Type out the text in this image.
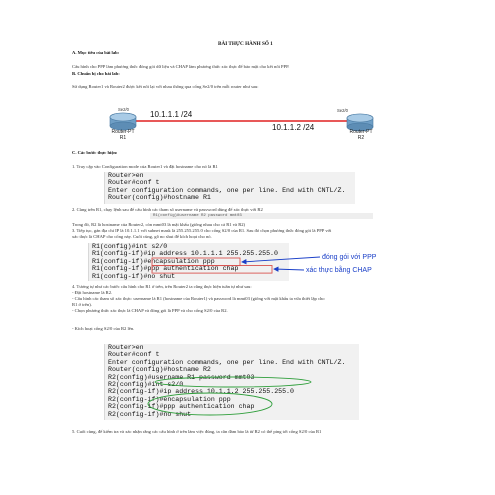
BÀI THỰC HÀNH SỐ 1
A. Mục tiêu của bài lab:
Cấu hình cho PPP làm phương thức đóng gói dữ liệu và CHAP làm phương thức xác thực để bảo mật cho kết nối PPP.
B. Chuẩn bị cho bài lab:
Sử dụng Router1 và Router2 được kết nối lại với nhau thông qua cổng Se2/0 trên mỗi router như sau:
Se2/0	Se2/0
10.1.1.1 /24
10.1.1.2 /24
Router-PT
R1
Router-PT
R2
C. Các bước thực hiện:
1. Truy cập vào Configuration mode của Router1 và đặt hostname cho nó là R1
Router>en
Router#conf t
Enter configuration commands, one per line. End with CNTL/Z.
Router(config)#hostname R1
2. Cùng trên R1, chạy lệnh sau để cấu hình các tham số username và password dùng để xác thực với R2
R1(config)#username R2 password mmt03
Trong đó, R2 là hostname của Router2, còn mmt03 là mật khẩu (giống nhau cho cả R1 và R2)
3. Tiếp tục, gán địa chỉ IP là 10.1.1.1 với subnet mask là 255.255.255.0 cho cổng S2/0 của R1. Sau đó chọn phương thức đóng gói là PPP với
xác thực là CHAP cho cổng này. Cuối cùng, gõ no shut để kích hoạt cho nó.
R1(config)#int s2/0
R1(config-if)#ip address 10.1.1.1 255.255.255.0
R1(config-if)#encapsulation ppp
R1(config-if)#ppp authentication chap
R1(config-if)#no shut
đóng gói với PPP
xác thực bằng CHAP
4. Tương tự như các bước cấu hình cho R1 ở trên, trên Router2 ta cũng thực hiện tuần tự như sau:
- Đặt hostname là R2.
- Cấu hình các tham số xác thực: username là R1 (hostname của Router1) và password là mmt03 (giống với mật khẩu ta vừa thiết lập cho
R1 ở trên).
- Chọn phương thức xác thực là CHAP và đóng gói là PPP và cho cổng S2/0 của R2.
- Kích hoạt cổng S2/0 của R2 lên.
Router>en
Router#conf t
Enter configuration commands, one per line. End with CNTL/Z.
Router(config)#hostname R2
R2(config)#username R1 password mmt03
R2(config)#int s2/0
R2(config-if)#ip address 10.1.1.2 255.255.255.0
R2(config-if)#encapsulation ppp
R2(config-if)#ppp authentication chap
R2(config-if)#no shut
5. Cuối cùng, để kiểm tra và xác nhận rằng các cấu hình ở trên làm việc đúng, ta cần đảm bảo là từ R2 có thể ping tới cổng S2/0 của R1
